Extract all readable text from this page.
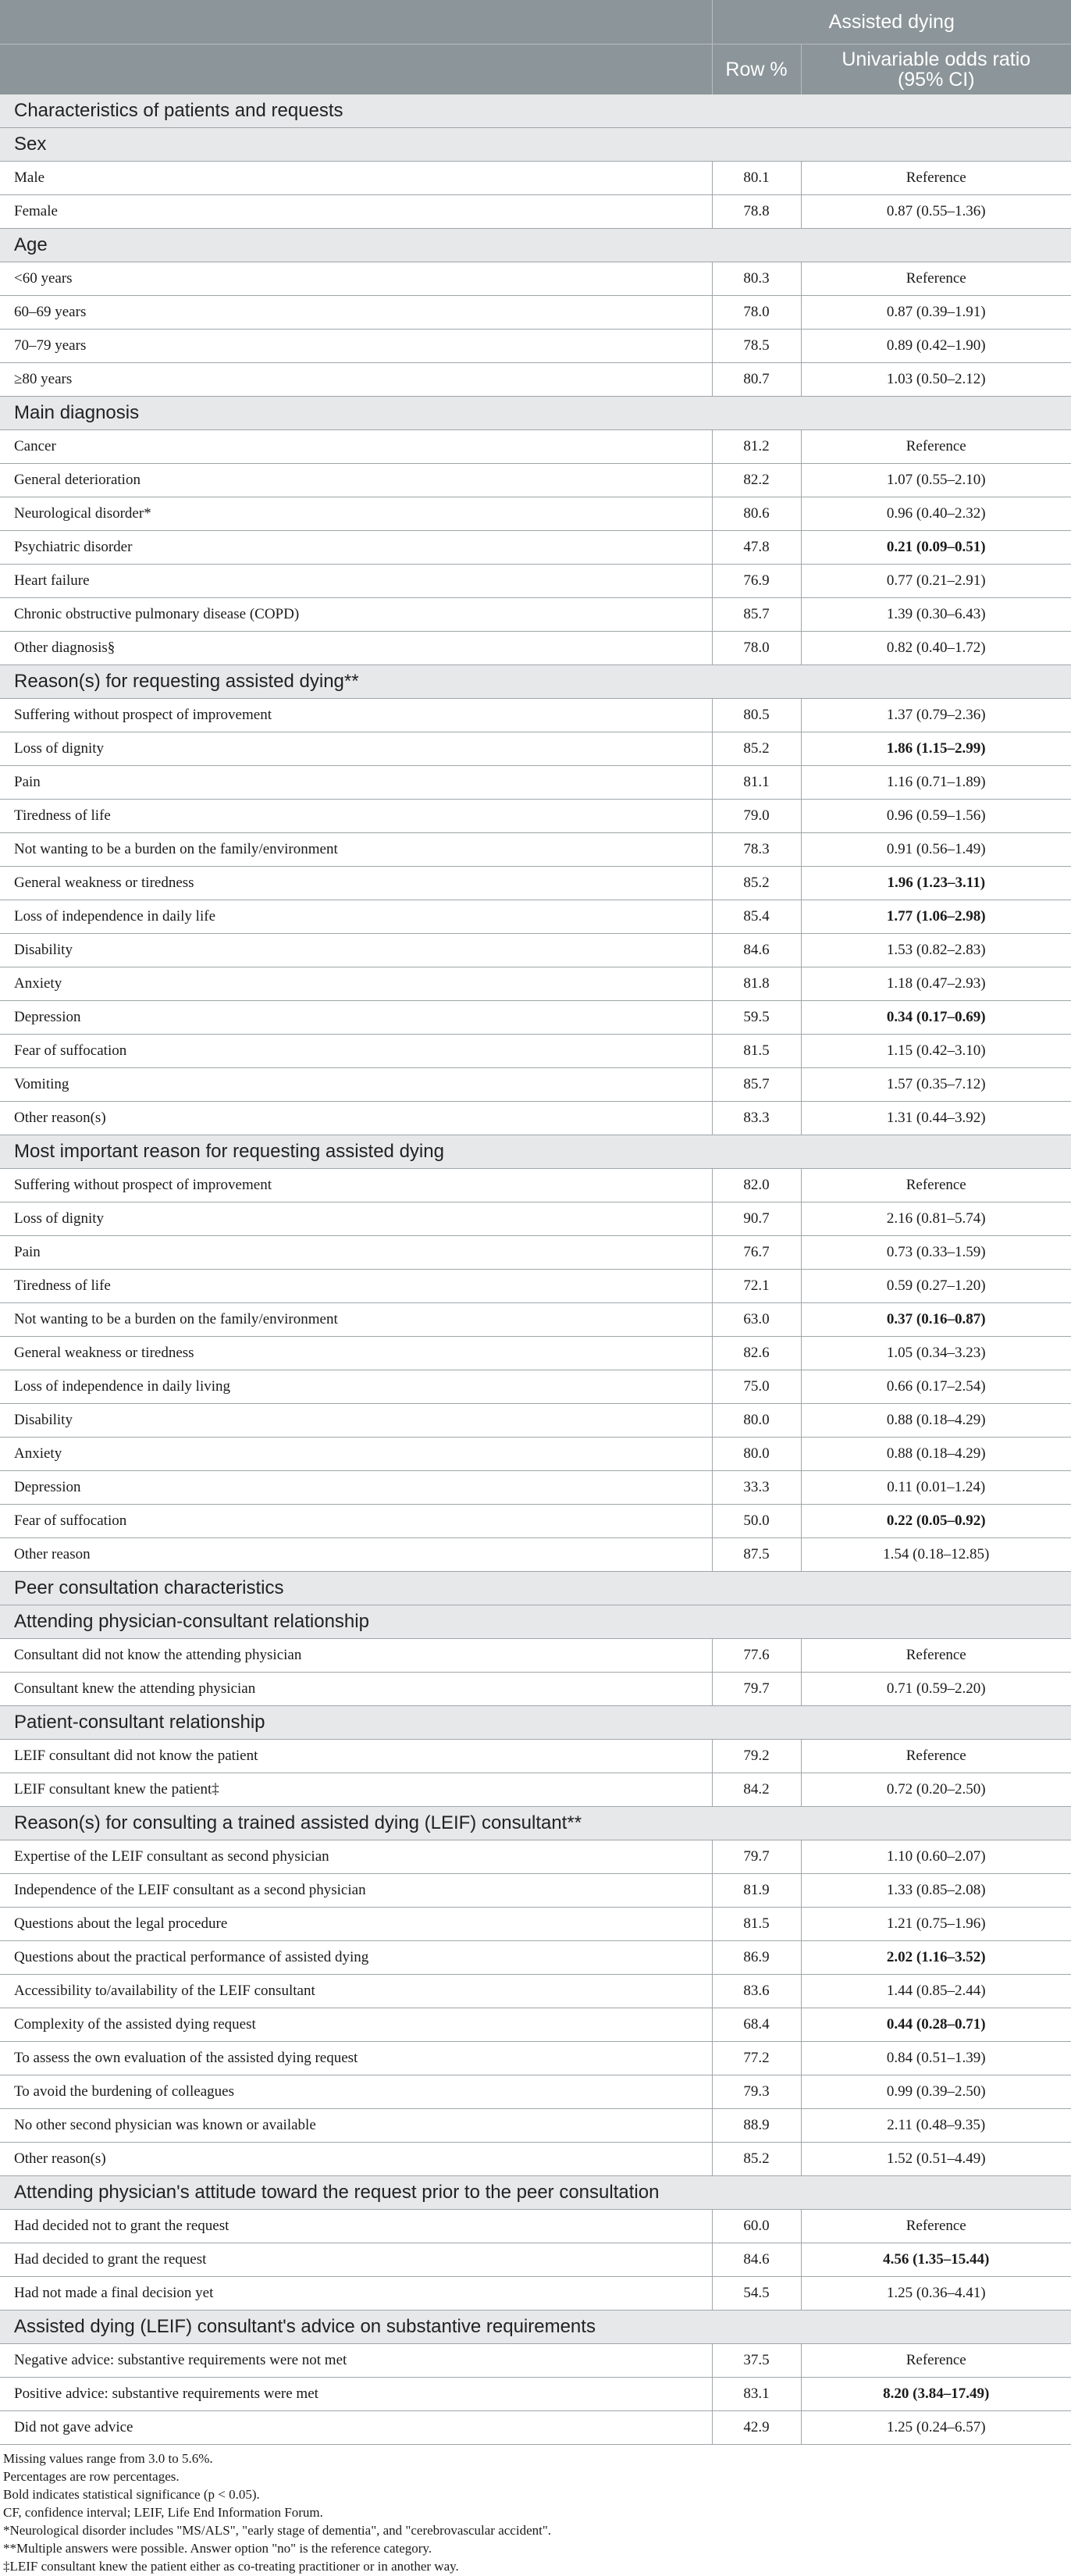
	Assisted dying	
	Row %	Univariable odds ratio
(95% CI)

Characteristics of patients and requests		
Sex		
Male	80.1	Reference
Female	78.8	0.87 (0.55–1.36)
Age		
<60 years	80.3	Reference
60–69 years	78.0	0.87 (0.39–1.91)
70–79 years	78.5	0.89 (0.42–1.90)
≥80 years	80.7	1.03 (0.50–2.12)
Main diagnosis		
Cancer	81.2	Reference
General deterioration	82.2	1.07 (0.55–2.10)
Neurological disorder*	80.6	0.96 (0.40–2.32)
Psychiatric disorder	47.8	0.21 (0.09–0.51)
Heart failure	76.9	0.77 (0.21–2.91)
Chronic obstructive pulmonary disease (COPD)	85.7	1.39 (0.30–6.43)
Other diagnosis§	78.0	0.82 (0.40–1.72)
Reason(s) for requesting assisted dying**		
Suffering without prospect of improvement	80.5	1.37 (0.79–2.36)
Loss of dignity	85.2	1.86 (1.15–2.99)
Pain	81.1	1.16 (0.71–1.89)
Tiredness of life	79.0	0.96 (0.59–1.56)
Not wanting to be a burden on the family/environment	78.3	0.91 (0.56–1.49)
General weakness or tiredness	85.2	1.96 (1.23–3.11)
Loss of independence in daily life	85.4	1.77 (1.06–2.98)
Disability	84.6	1.53 (0.82–2.83)
Anxiety	81.8	1.18 (0.47–2.93)
Depression	59.5	0.34 (0.17–0.69)
Fear of suffocation	81.5	1.15 (0.42–3.10)
Vomiting	85.7	1.57 (0.35–7.12)
Other reason(s)	83.3	1.31 (0.44–3.92)
Most important reason for requesting assisted dying		
Suffering without prospect of improvement	82.0	Reference
Loss of dignity	90.7	2.16 (0.81–5.74)
Pain	76.7	0.73 (0.33–1.59)
Tiredness of life	72.1	0.59 (0.27–1.20)
Not wanting to be a burden on the family/environment	63.0	0.37 (0.16–0.87)
General weakness or tiredness	82.6	1.05 (0.34–3.23)
Loss of independence in daily living	75.0	0.66 (0.17–2.54)
Disability	80.0	0.88 (0.18–4.29)
Anxiety	80.0	0.88 (0.18–4.29)
Depression	33.3	0.11 (0.01–1.24)
Fear of suffocation	50.0	0.22 (0.05–0.92)
Other reason	87.5	1.54 (0.18–12.85)
Peer consultation characteristics		
Attending physician-consultant relationship		
Consultant did not know the attending physician	77.6	Reference
Consultant knew the attending physician	79.7	0.71 (0.59–2.20)
Patient-consultant relationship		
LEIF consultant did not know the patient	79.2	Reference
LEIF consultant knew the patient‡	84.2	0.72 (0.20–2.50)
Reason(s) for consulting a trained assisted dying (LEIF) consultant**		
Expertise of the LEIF consultant as second physician	79.7	1.10 (0.60–2.07)
Independence of the LEIF consultant as a second physician	81.9	1.33 (0.85–2.08)
Questions about the legal procedure	81.5	1.21 (0.75–1.96)
Questions about the practical performance of assisted dying	86.9	2.02 (1.16–3.52)
Accessibility to/availability of the LEIF consultant	83.6	1.44 (0.85–2.44)
Complexity of the assisted dying request	68.4	0.44 (0.28–0.71)
To assess the own evaluation of the assisted dying request	77.2	0.84 (0.51–1.39)
To avoid the burdening of colleagues	79.3	0.99 (0.39–2.50)
No other second physician was known or available	88.9	2.11 (0.48–9.35)
Other reason(s)	85.2	1.52 (0.51–4.49)
Attending physician's attitude toward the request prior to the peer consultation		
Had decided not to grant the request	60.0	Reference
Had decided to grant the request	84.6	4.56 (1.35–15.44)
Had not made a final decision yet	54.5	1.25 (0.36–4.41)
Assisted dying (LEIF) consultant's advice on substantive requirements		
Negative advice: substantive requirements were not met	37.5	Reference
Positive advice: substantive requirements were met	83.1	8.20 (3.84–17.49)
Did not gave advice	42.9	1.25 (0.24–6.57)
Missing values range from 3.0 to 5.6%.
Percentages are row percentages.
Bold indicates statistical significance (p < 0.05).
CF, confidence interval; LEIF, Life End Information Forum.
*Neurological disorder includes "MS/ALS", "early stage of dementia", and "cerebrovascular accident".
**Multiple answers were possible. Answer option "no" is the reference category.
‡LEIF consultant knew the patient either as co-treating practitioner or in another way.
